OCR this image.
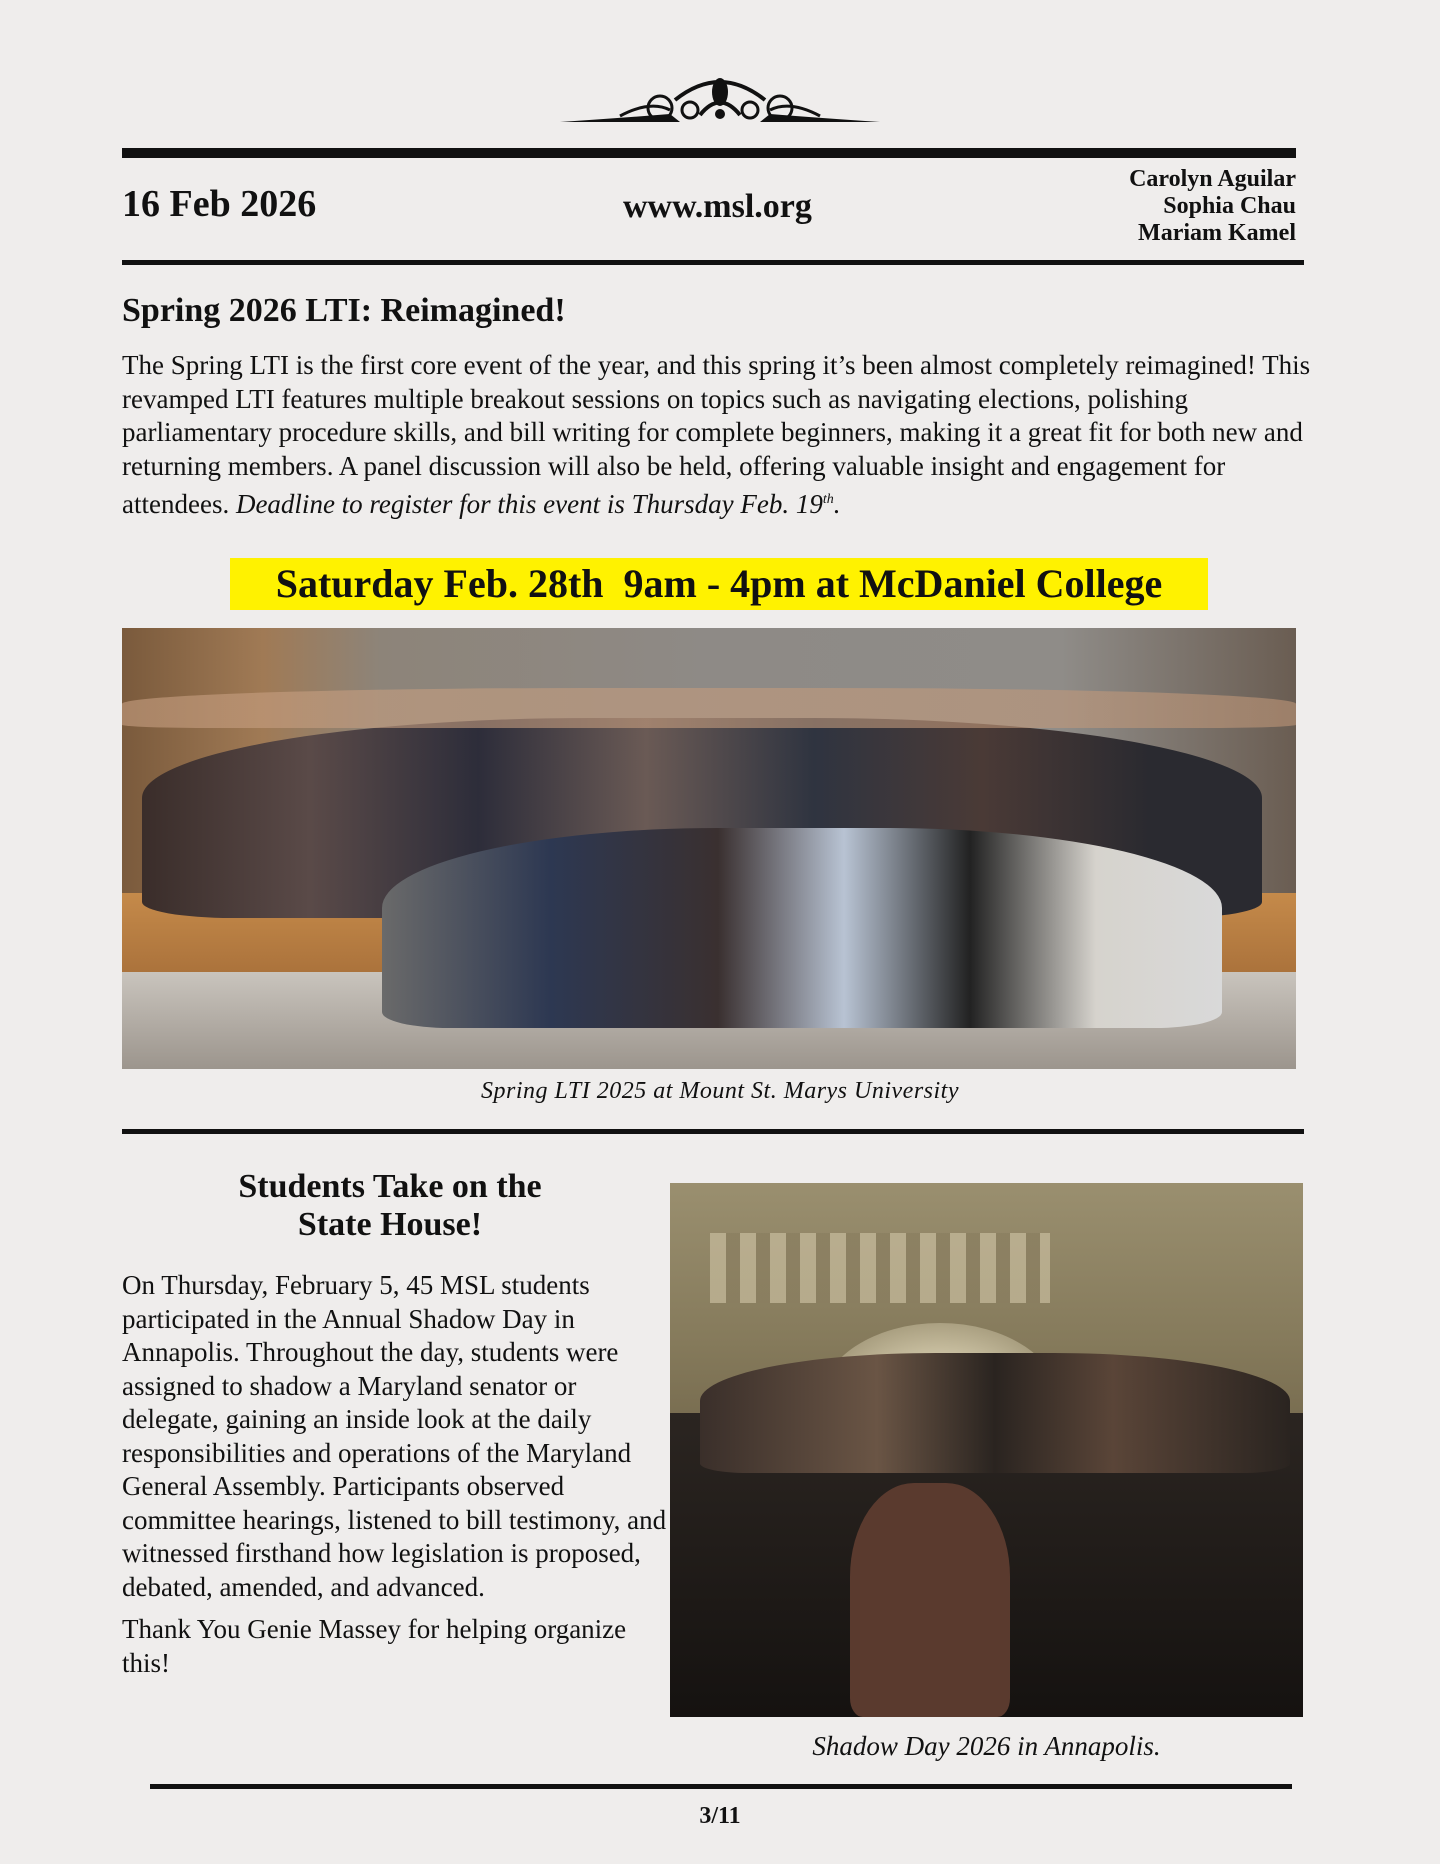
16 Feb 2026	www.msl.org
Carolyn Aguilar
Sophia Chau
Mariam Kamel
Spring 2026 LTI: Reimagined!
The Spring LTI is the first core event of the year, and this spring it’s been almost completely reimagined! This revamped LTI features multiple breakout sessions on topics such as navigating elections, polishing parliamentary procedure skills, and bill writing for complete beginners, making it a great fit for both new and returning members. A panel discussion will also be held, offering valuable insight and engagement for attendees. Deadline to register for this event is Thursday Feb. 19th.
Saturday Feb. 28th  9am - 4pm at McDaniel College
Spring LTI 2025 at Mount St. Marys University
Students Take on the
State House!

On Thursday, February 5, 45 MSL students participated in the Annual Shadow Day in Annapolis. Throughout the day, students were assigned to shadow a Maryland senator or delegate, gaining an inside look at the daily responsibilities and operations of the Maryland General Assembly. Participants observed committee hearings, listened to bill testimony, and witnessed firsthand how legislation is proposed, debated, amended, and advanced.

Thank You Genie Massey for helping organize this!

Shadow Day 2026 in Annapolis.
3/11
